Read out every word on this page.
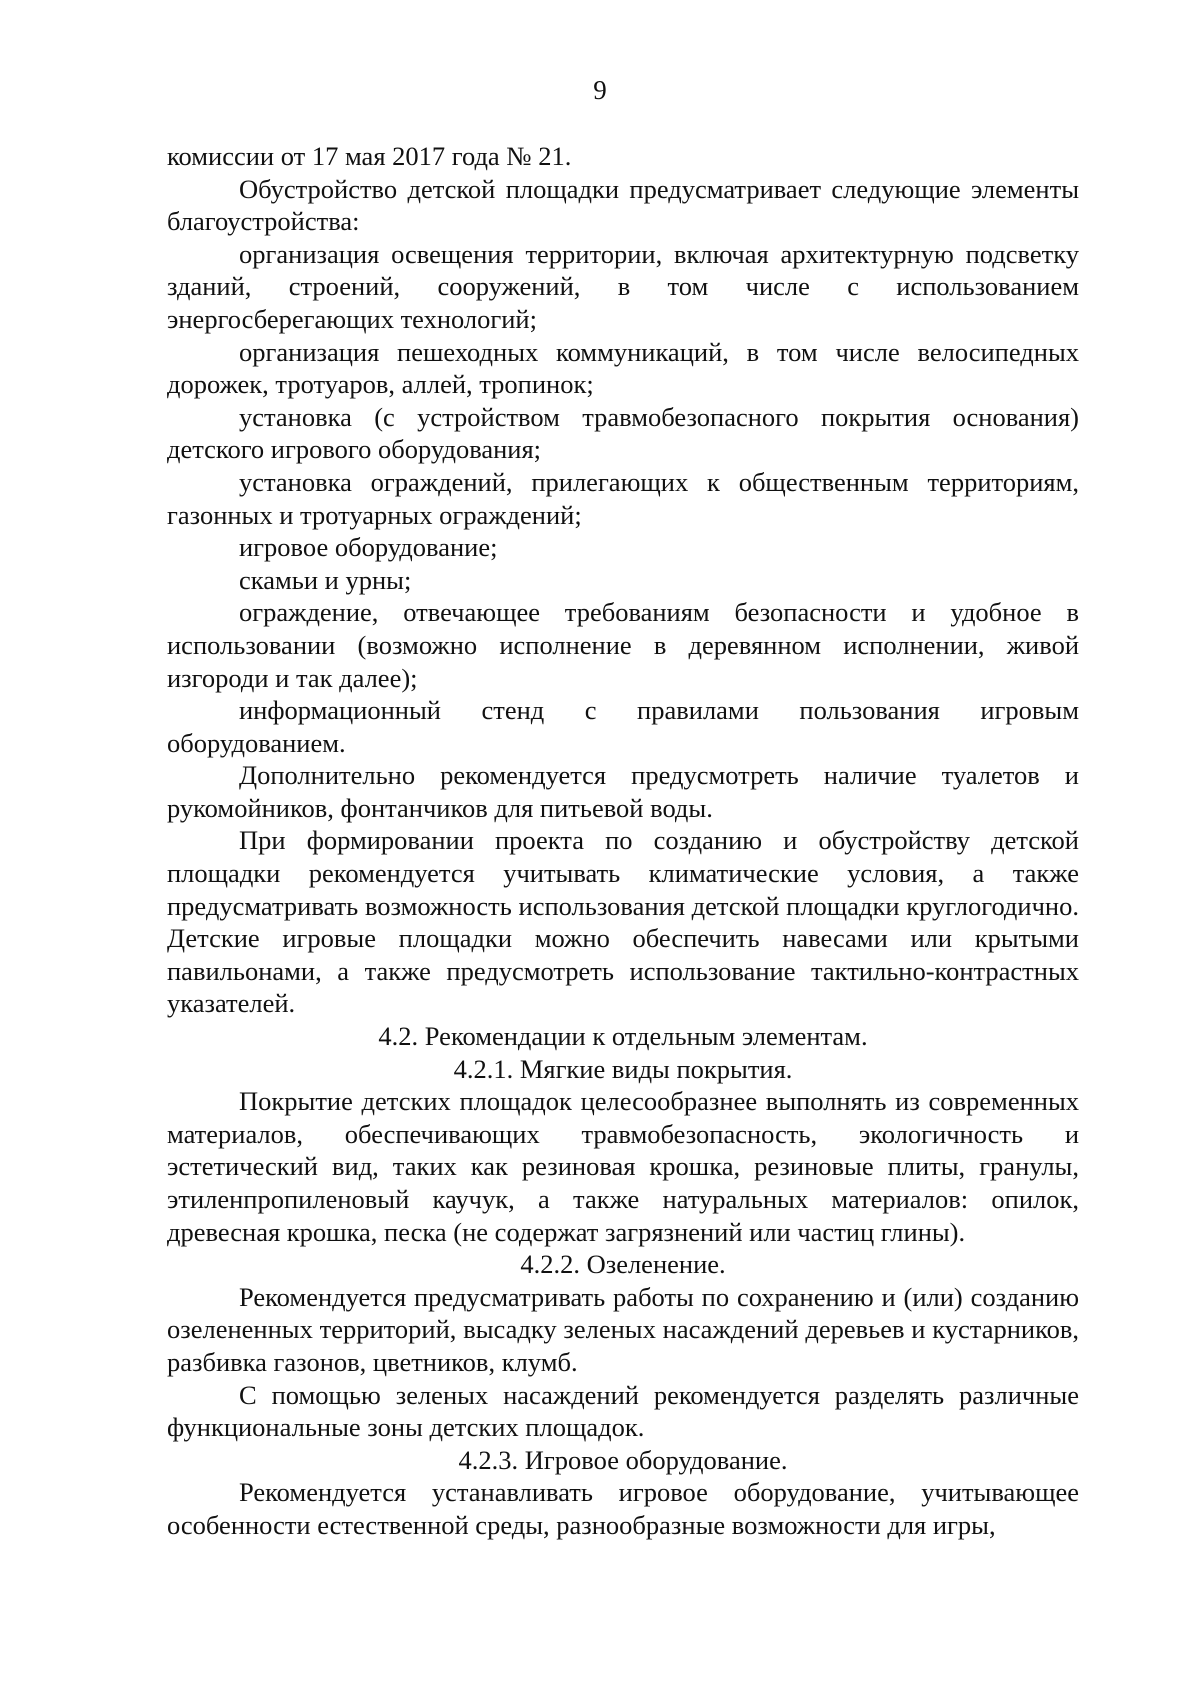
9

комиссии от 17 мая 2017 года № 21.

Обустройство детской площадки предусматривает следующие элементы благоустройства:

организация освещения территории, включая архитектурную подсветку зданий, строений, сооружений, в том числе с использованием энергосберегающих технологий;

организация пешеходных коммуникаций, в том числе велосипедных дорожек, тротуаров, аллей, тропинок;

установка (с устройством травмобезопасного покрытия основания) детского игрового оборудования;

установка ограждений, прилегающих к общественным территориям, газонных и тротуарных ограждений;

игровое оборудование;

скамьи и урны;

ограждение, отвечающее требованиям безопасности и удобное в использовании (возможно исполнение в деревянном исполнении, живой изгороди и так далее);

информационный стенд с правилами пользования игровым оборудованием.

Дополнительно рекомендуется предусмотреть наличие туалетов и рукомойников, фонтанчиков для питьевой воды.

При формировании проекта по созданию и обустройству детской площадки рекомендуется учитывать климатические условия, а также предусматривать возможность использования детской площадки круглогодично. Детские игровые площадки можно обеспечить навесами или крытыми павильонами, а также предусмотреть использование тактильно-контрастных указателей.

4.2. Рекомендации к отдельным элементам.

4.2.1. Мягкие виды покрытия.

Покрытие детских площадок целесообразнее выполнять из современных материалов, обеспечивающих травмобезопасность, экологичность и эстетический вид, таких как резиновая крошка, резиновые плиты, гранулы, этиленпропиленовый каучук, а также натуральных материалов: опилок, древесная крошка, песка (не содержат загрязнений или частиц глины).

4.2.2. Озеленение.

Рекомендуется предусматривать работы по сохранению и (или) созданию озелененных территорий, высадку зеленых насаждений деревьев и кустарников, разбивка газонов, цветников, клумб.

С помощью зеленых насаждений рекомендуется разделять различные функциональные зоны детских площадок.

4.2.3. Игровое оборудование.

Рекомендуется устанавливать игровое оборудование, учитывающее особенности естественной среды, разнообразные возможности для игры,
